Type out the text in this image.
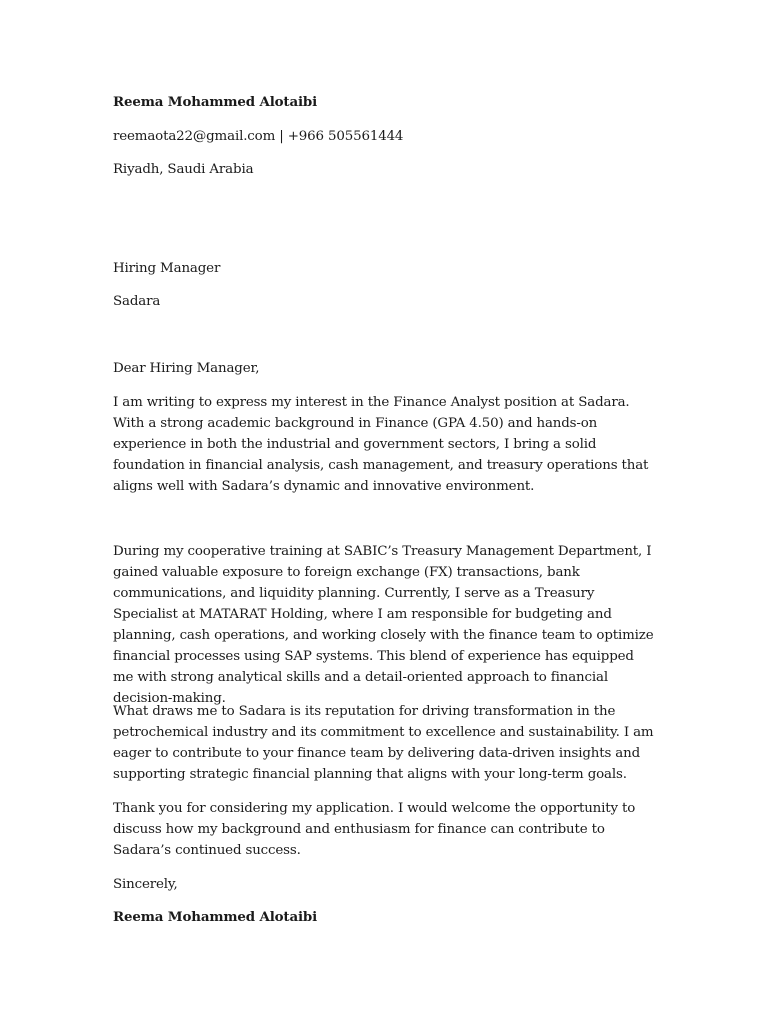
Reema Mohammed Alotaibi

reemaota22@gmail.com | +966 505561444

Riyadh, Saudi Arabia

Hiring Manager

Sadara

Dear Hiring Manager,

I am writing to express my interest in the Finance Analyst position at Sadara. With a strong academic background in Finance (GPA 4.50) and hands-on experience in both the industrial and government sectors, I bring a solid foundation in financial analysis, cash management, and treasury operations that aligns well with Sadara’s dynamic and innovative environment.

During my cooperative training at SABIC’s Treasury Management Department, I gained valuable exposure to foreign exchange (FX) transactions, bank communications, and liquidity planning. Currently, I serve as a Treasury Specialist at MATARAT Holding, where I am responsible for budgeting and planning, cash operations, and working closely with the finance team to optimize financial processes using SAP systems. This blend of experience has equipped me with strong analytical skills and a detail-oriented approach to financial decision-making.

What draws me to Sadara is its reputation for driving transformation in the petrochemical industry and its commitment to excellence and sustainability. I am eager to contribute to your finance team by delivering data-driven insights and supporting strategic financial planning that aligns with your long-term goals.

Thank you for considering my application. I would welcome the opportunity to discuss how my background and enthusiasm for finance can contribute to Sadara’s continued success.

Sincerely,

Reema Mohammed Alotaibi
